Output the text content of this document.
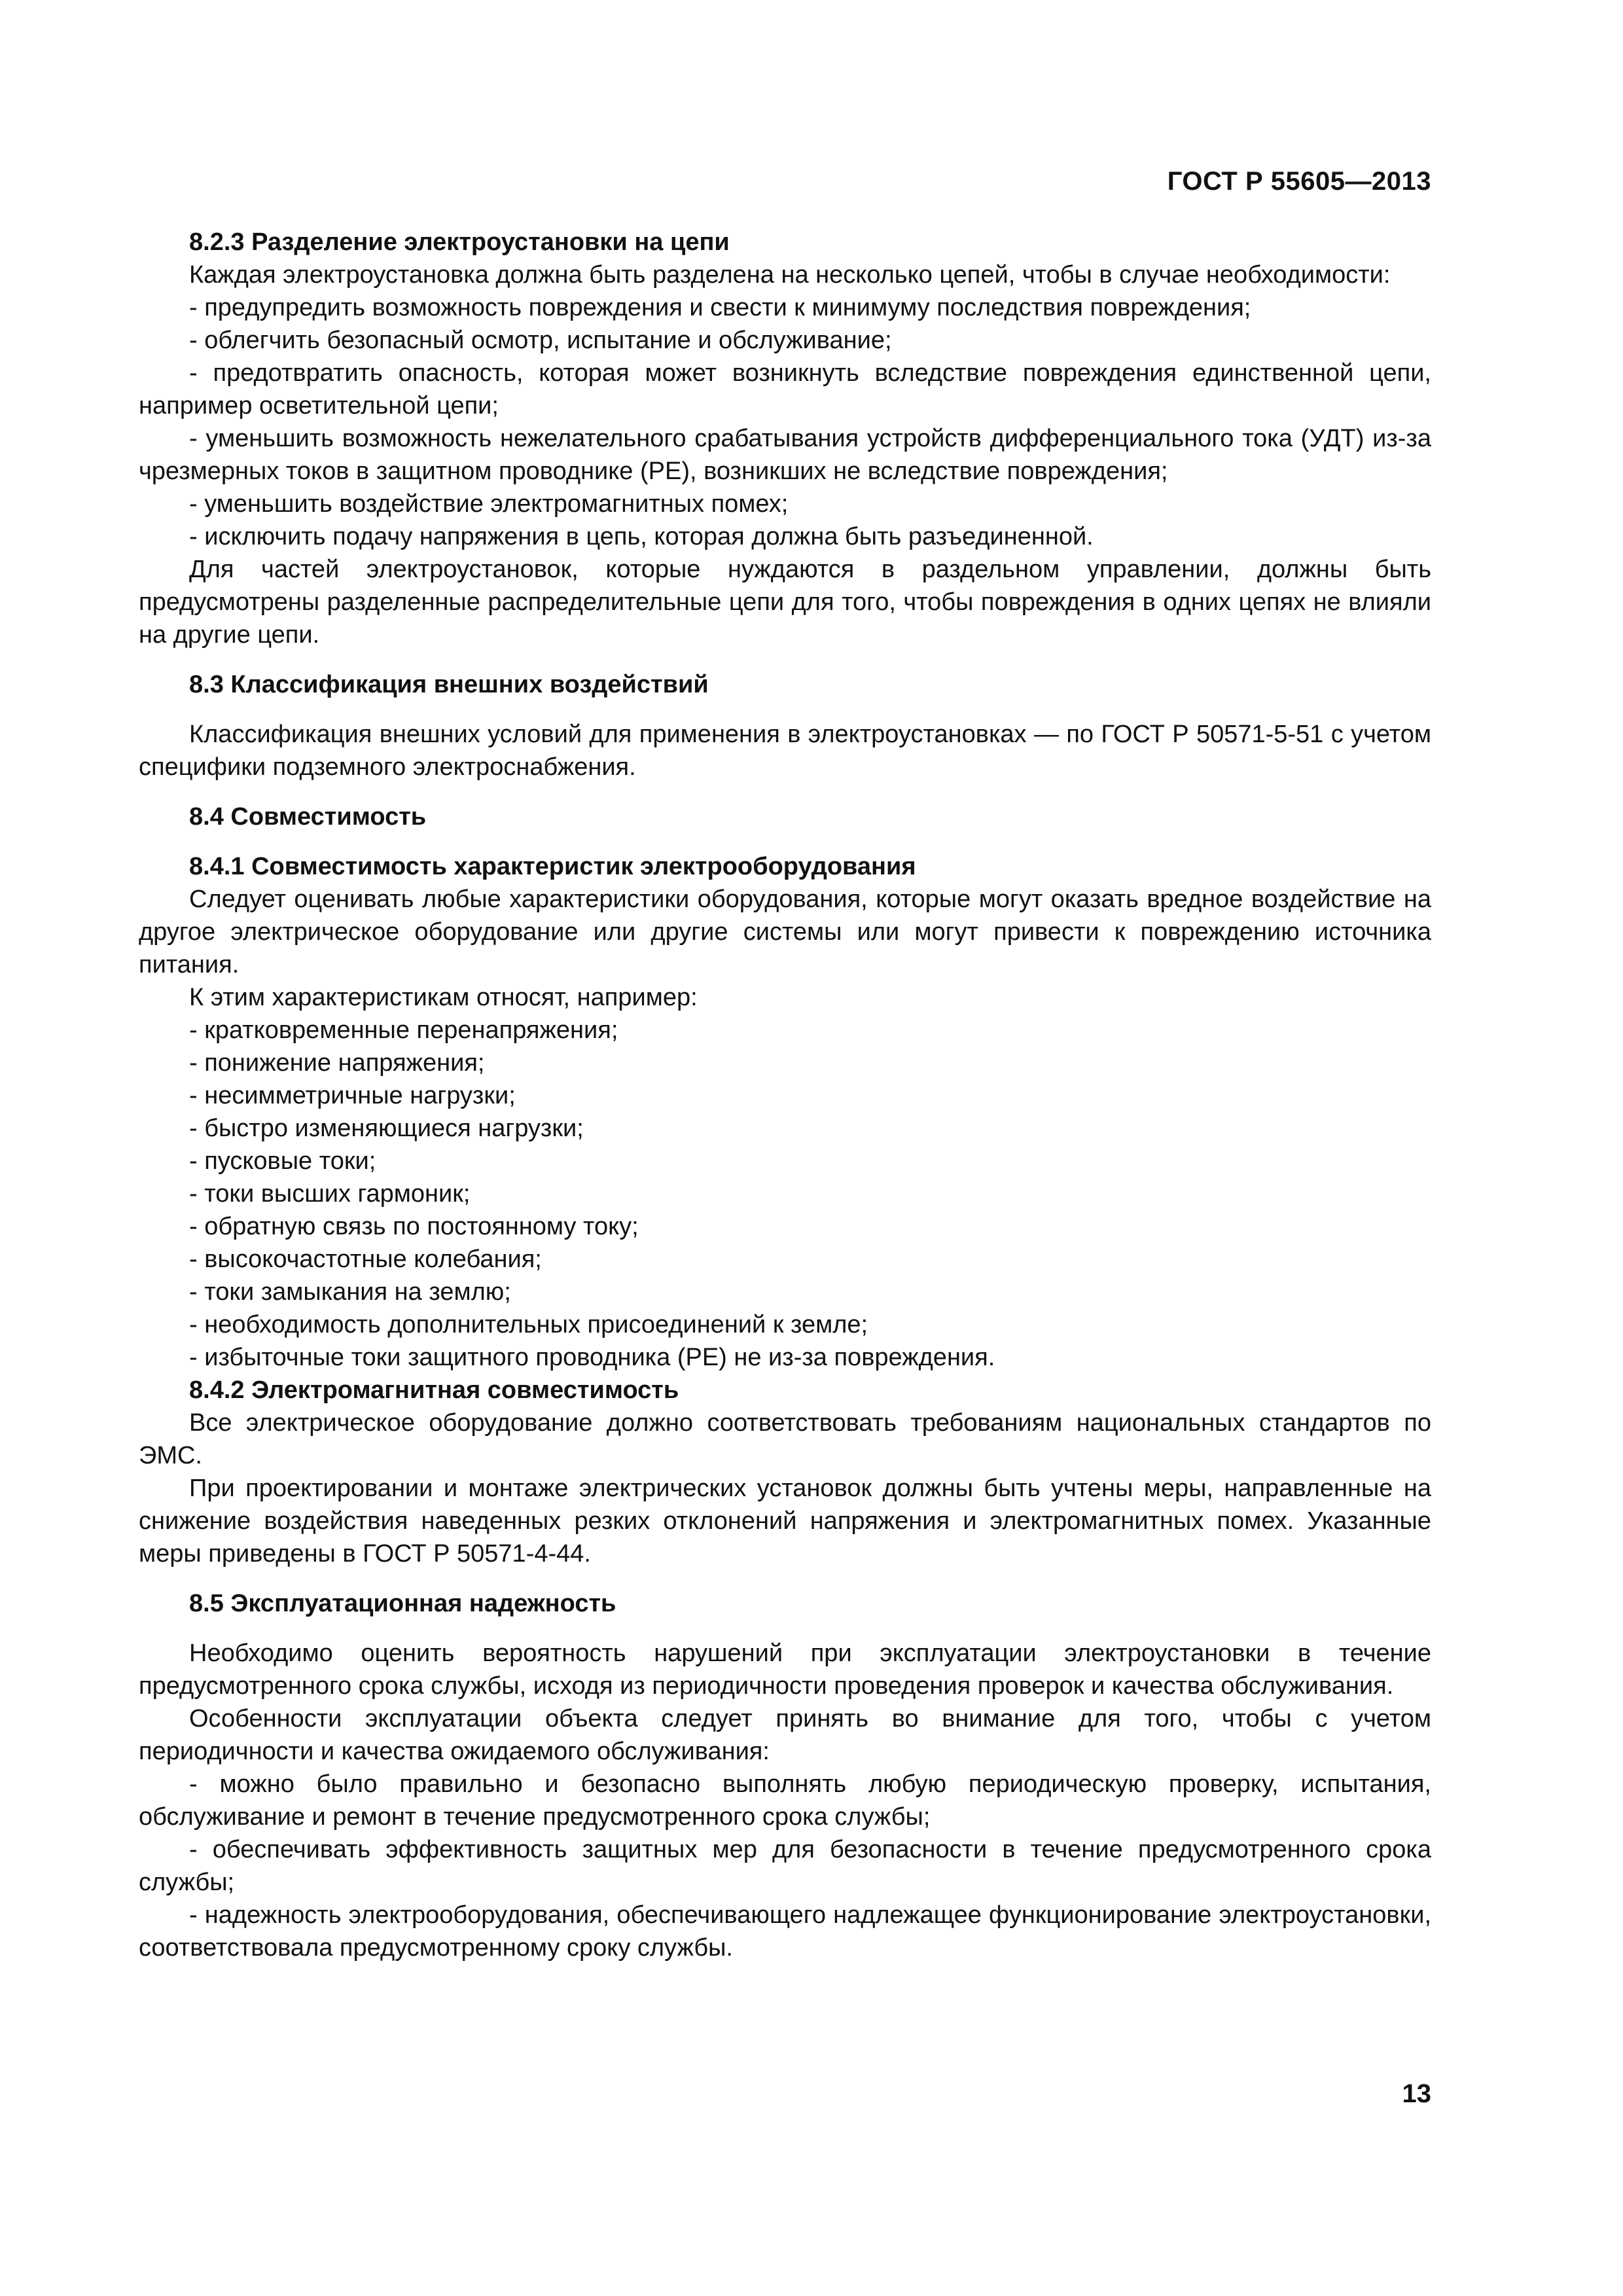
ГОСТ Р 55605—2013

8.2.3 Разделение электроустановки на цепи

Каждая электроустановка должна быть разделена на несколько цепей, чтобы в случае необходимости:

- предупредить возможность повреждения и свести к минимуму последствия повреждения;

- облегчить безопасный осмотр, испытание и обслуживание;

- предотвратить опасность, которая может возникнуть вследствие повреждения единственной цепи, например осветительной цепи;

- уменьшить возможность нежелательного срабатывания устройств дифференциального тока (УДТ) из-за чрезмерных токов в защитном проводнике (РЕ), возникших не вследствие повреждения;

- уменьшить воздействие электромагнитных помех;

- исключить подачу напряжения в цепь, которая должна быть разъединенной.

Для частей электроустановок, которые нуждаются в раздельном управлении, должны быть предусмотрены разделенные распределительные цепи для того, чтобы повреждения в одних цепях не влияли на другие цепи.

8.3 Классификация внешних воздействий

Классификация внешних условий для применения в электроустановках — по ГОСТ Р 50571-5-51 с учетом специфики подземного электроснабжения.

8.4 Совместимость

8.4.1 Совместимость характеристик электрооборудования

Следует оценивать любые характеристики оборудования, которые могут оказать вредное воздействие на другое электрическое оборудование или другие системы или могут привести к повреждению источника питания.

К этим характеристикам относят, например:

- кратковременные перенапряжения;

- понижение напряжения;

- несимметричные нагрузки;

- быстро изменяющиеся нагрузки;

- пусковые токи;

- токи высших гармоник;

- обратную связь по постоянному току;

- высокочастотные колебания;

- токи замыкания на землю;

- необходимость дополнительных присоединений к земле;

- избыточные токи защитного проводника (РЕ) не из-за повреждения.

8.4.2 Электромагнитная совместимость

Все электрическое оборудование должно соответствовать требованиям национальных стандартов по ЭМС.

При проектировании и монтаже электрических установок должны быть учтены меры, направленные на снижение воздействия наведенных резких отклонений напряжения и электромагнитных помех. Указанные меры приведены в ГОСТ Р 50571-4-44.

8.5 Эксплуатационная надежность

Необходимо оценить вероятность нарушений при эксплуатации электроустановки в течение предусмотренного срока службы, исходя из периодичности проведения проверок и качества обслуживания.

Особенности эксплуатации объекта следует принять во внимание для того, чтобы с учетом периодичности и качества ожидаемого обслуживания:

- можно было правильно и безопасно выполнять любую периодическую проверку, испытания, обслуживание и ремонт в течение предусмотренного срока службы;

- обеспечивать эффективность защитных мер для безопасности в течение предусмотренного срока службы;

- надежность электрооборудования, обеспечивающего надлежащее функционирование электроустановки, соответствовала предусмотренному сроку службы.

13
